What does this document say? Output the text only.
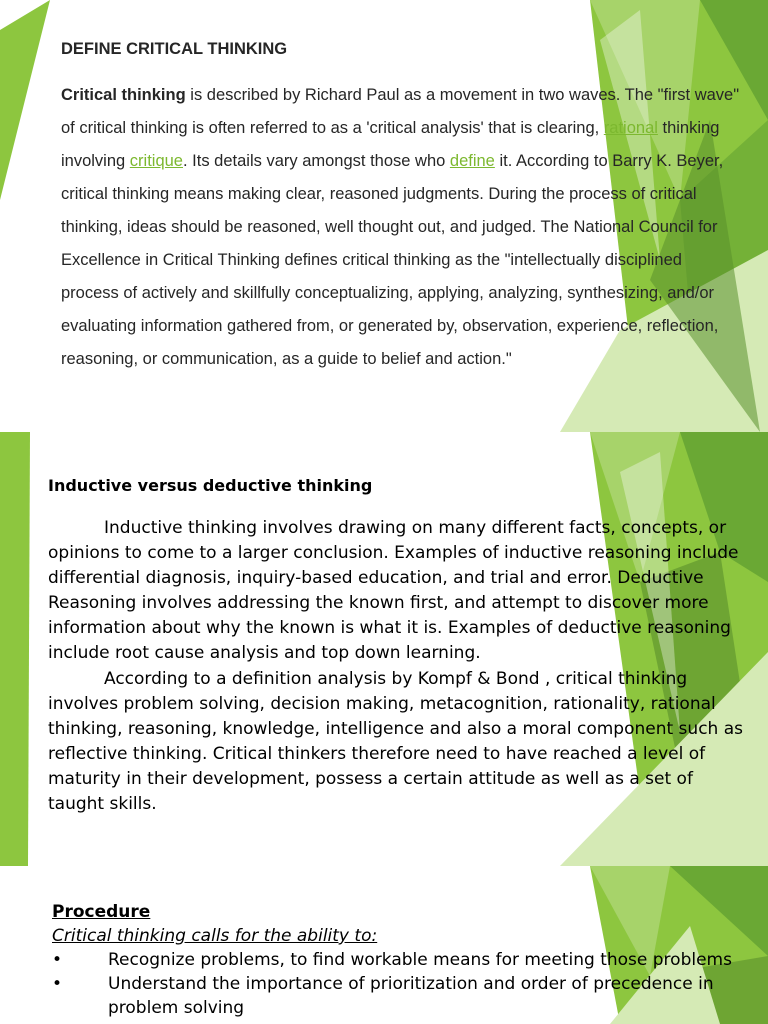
DEFINE CRITICAL THINKING

Critical thinking is described by Richard Paul as a movement in two waves. The "first wave" of critical thinking is often referred to as a 'critical analysis' that is clearing, rational thinking involving critique. Its details vary amongst those who define it. According to Barry K. Beyer, critical thinking means making clear, reasoned judgments. During the process of critical thinking, ideas should be reasoned, well thought out, and judged. The National Council for Excellence in Critical Thinking defines critical thinking as the "intellectually disciplined process of actively and skillfully conceptualizing, applying, analyzing, synthesizing, and/or evaluating information gathered from, or generated by, observation, experience, reflection, reasoning, or communication, as a guide to belief and action."

Inductive versus deductive thinking

Inductive thinking involves drawing on many different facts, concepts, or opinions to come to a larger conclusion. Examples of inductive reasoning include differential diagnosis, inquiry-based education, and trial and error. Deductive Reasoning involves addressing the known first, and attempt to discover more information about why the known is what it is. Examples of deductive reasoning include root cause analysis and top down learning.

According to a definition analysis by Kompf & Bond , critical thinking involves problem solving, decision making, metacognition, rationality, rational thinking, reasoning, knowledge, intelligence and also a moral component such as reflective thinking. Critical thinkers therefore need to have reached a level of maturity in their development, possess a certain attitude as well as a set of taught skills.

Procedure
Critical thinking calls for the ability to:
•	Recognize problems, to find workable means for meeting those problems
•	Understand the importance of prioritization and order of precedence in problem solving
